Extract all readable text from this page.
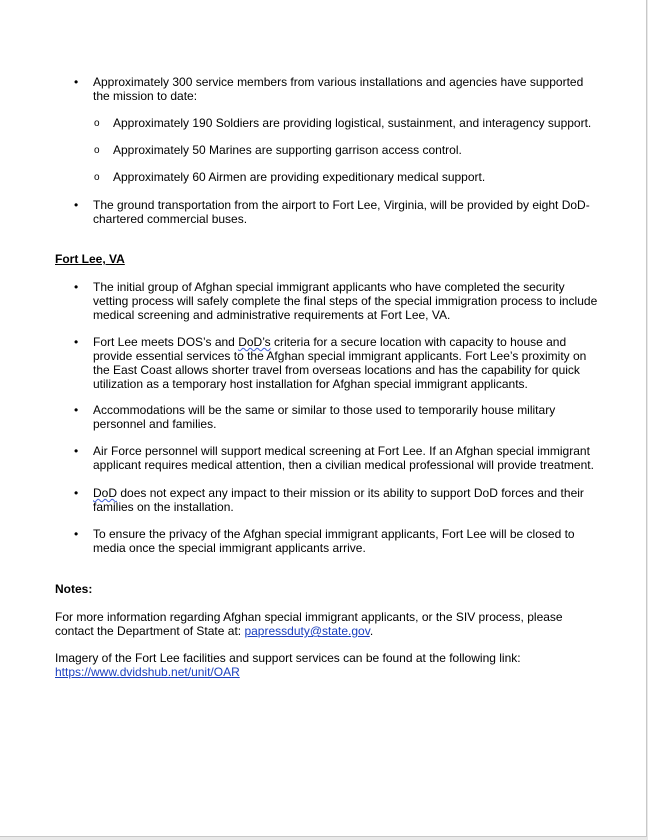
•	Approximately 300 service members from various installations and agencies have supported the mission to date:
o Approximately 190 Soldiers are providing logistical, sustainment, and interagency support.
o Approximately 50 Marines are supporting garrison access control.
o Approximately 60 Airmen are providing expeditionary medical support.
•	The ground transportation from the airport to Fort Lee, Virginia, will be provided by eight DoD-chartered commercial buses.
Fort Lee, VA
•	The initial group of Afghan special immigrant applicants who have completed the security vetting process will safely complete the final steps of the special immigration process to include medical screening and administrative requirements at Fort Lee, VA.
•	Fort Lee meets DOS’s and DoD’s criteria for a secure location with capacity to house and provide essential services to the Afghan special immigrant applicants. Fort Lee’s proximity on the East Coast allows shorter travel from overseas locations and has the capability for quick utilization as a temporary host installation for Afghan special immigrant applicants.
•	Accommodations will be the same or similar to those used to temporarily house military personnel and families.
•	Air Force personnel will support medical screening at Fort Lee. If an Afghan special immigrant applicant requires medical attention, then a civilian medical professional will provide treatment.
•	DoD does not expect any impact to their mission or its ability to support DoD forces and their families on the installation.
•	To ensure the privacy of the Afghan special immigrant applicants, Fort Lee will be closed to media once the special immigrant applicants arrive.
Notes:
For more information regarding Afghan special immigrant applicants, or the SIV process, please contact the Department of State at: papressduty@state.gov.
Imagery of the Fort Lee facilities and support services can be found at the following link:
https://www.dvidshub.net/unit/OAR
